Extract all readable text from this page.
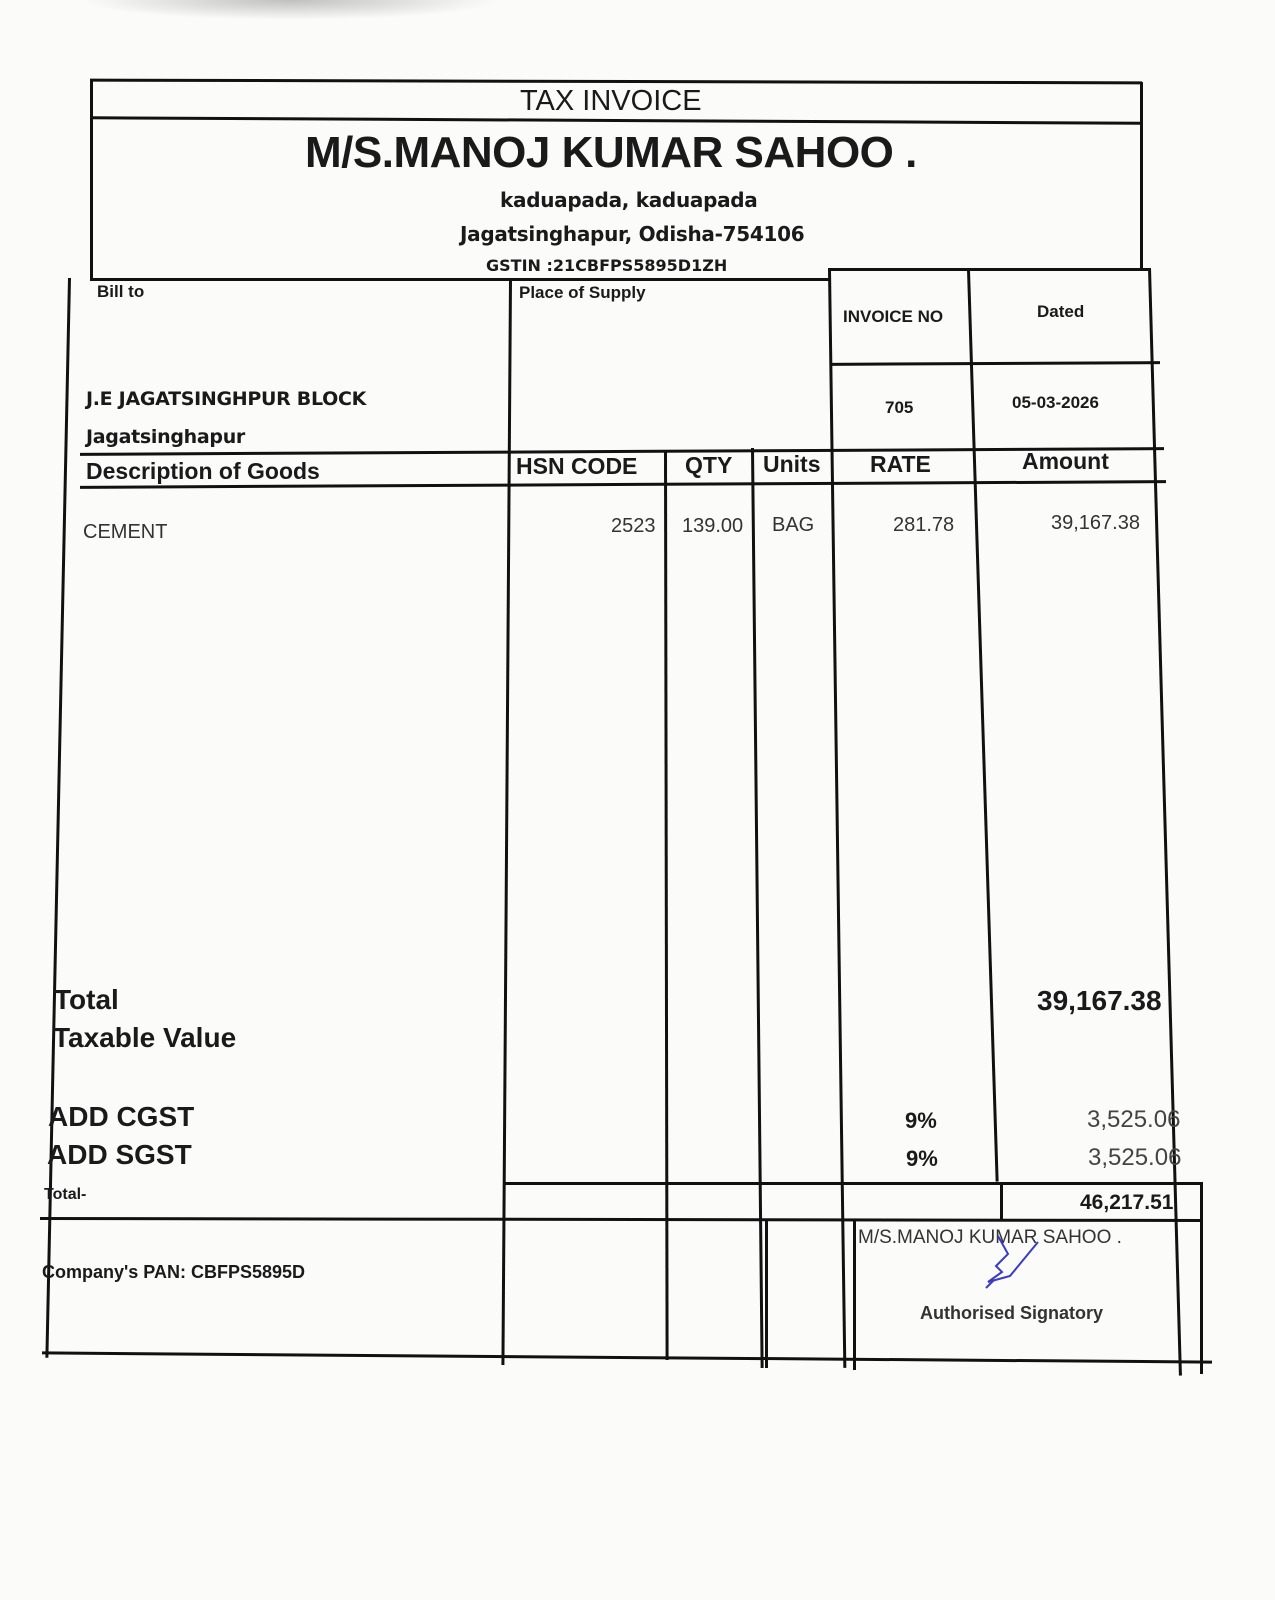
TAX INVOICE
M/S.MANOJ KUMAR SAHOO .
kaduapada, kaduapada
Jagatsinghapur, Odisha-754106
GSTIN :21CBFPS5895D1ZH
Bill to
J.E JAGATSINGHPUR BLOCK
Jagatsinghapur
Place of Supply
INVOICE NO
705
Dated
05-03-2026
Description of Goods	HSN CODE QTY Units RATE	Amount
CEMENT	2523 139.00 BAG	281.78	39,167.38
Total
Taxable Value
39,167.38
ADD CGST	9%	3,525.06
ADD SGST	9%	3,525.06
Total-	46,217.51
Company's PAN: CBFPS5895D
M/S.MANOJ KUMAR SAHOO .
Authorised Signatory
